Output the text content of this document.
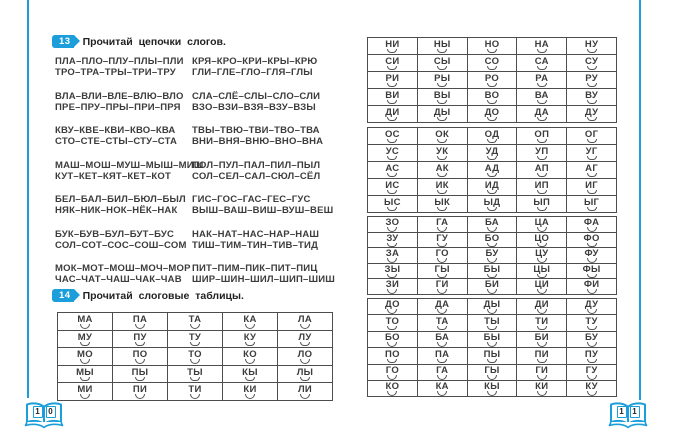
13 Прочитай цепочки слогов.
ПЛА–ПЛО–ПЛУ–ПЛЫ–ПЛИ
ТРО–ТРА–ТРЫ–ТРИ–ТРУ
КРЯ–КРО–КРИ–КРЫ–КРЮ
ГЛИ–ГЛЕ–ГЛО–ГЛЯ–ГЛЫ
ВЛА–ВЛИ–ВЛЕ–ВЛЮ–ВЛО
ПРЕ–ПРУ–ПРЫ–ПРИ–ПРЯ
СЛА–СЛЁ–СЛЫ–СЛО–СЛИ
ВЗО–ВЗИ–ВЗЯ–ВЗУ–ВЗЫ
КВУ–КВЕ–КВИ–КВО–КВА
СТО–СТЕ–СТЫ–СТУ–СТА
ТВЫ–ТВЮ–ТВИ–ТВО–ТВА
ВНИ–ВНЯ–ВНЮ–ВНО–ВНА
МАШ–МОШ–МУШ–МЫШ–МИШ
КУТ–КЕТ–КЯТ–КЕТ–КОТ
ПОЛ–ПУЛ–ПАЛ–ПИЛ–ПЫЛ
СОЛ–СЕЛ–САЛ–СЮЛ–СЁЛ
БЕЛ–БАЛ–БИЛ–БЮЛ–БЫЛ
НЯК–НИК–НОК–НЁК–НАК
ГИС–ГОС–ГАС–ГЕС–ГУС
ВЫШ–ВАШ–ВИШ–ВУШ–ВЕШ
БУК–БУВ–БУЛ–БУТ–БУС
СОЛ–СОТ–СОС–СОШ–СОМ
НАК–НАТ–НАС–НАР–НАШ
ТИШ–ТИМ–ТИН–ТИВ–ТИД
МОК–МОТ–МОШ–МОЧ–МОР
ЧАС–ЧАТ–ЧАШ–ЧАК–ЧАВ
ПИТ–ПИМ–ПИК–ПИТ–ПИЦ
ШИР–ШИН–ШИЛ–ШИП–ШИШ
14 Прочитай слоговые таблицы.
МА	ПА	ТА	КА	ЛА

МУ	ПУ	ТУ	КУ	ЛУ

МО	ПО	ТО	КО	ЛО

МЫ	ПЫ	ТЫ	КЫ	ЛЫ

МИ	ПИ	ТИ	КИ	ЛИ
НИ	НЫ	НО	НА	НУ

СИ	СЫ	СО	СА	СУ

РИ	РЫ	РО	РА	РУ

ВИ	ВЫ	ВО	ВА	ВУ

ДИ	ДЫ	ДО	ДА	ДУ
ОС	ОК	ОД	ОП	ОГ

УС	УК	УД	УП	УГ

АС	АК	АД	АП	АГ

ИС	ИК	ИД	ИП	ИГ

ЫС	ЫК	ЫД	ЫП	ЫГ
ЗО	ГА	БА	ЦА	ФА

ЗУ	ГУ	БО	ЦО	ФО

ЗА	ГО	БУ	ЦУ	ФУ

ЗЫ	ГЫ	БЫ	ЦЫ	ФЫ

ЗИ	ГИ	БИ	ЦИ	ФИ
ДО	ДА	ДЫ	ДИ	ДУ

ТО	ТА	ТЫ	ТИ	ТУ

БО	БА	БЫ	БИ	БУ

ПО	ПА	ПЫ	ПИ	ПУ

ГО	ГА	ГЫ	ГИ	ГУ

КО	КА	КЫ	КИ	КУ
1	0	1	1
